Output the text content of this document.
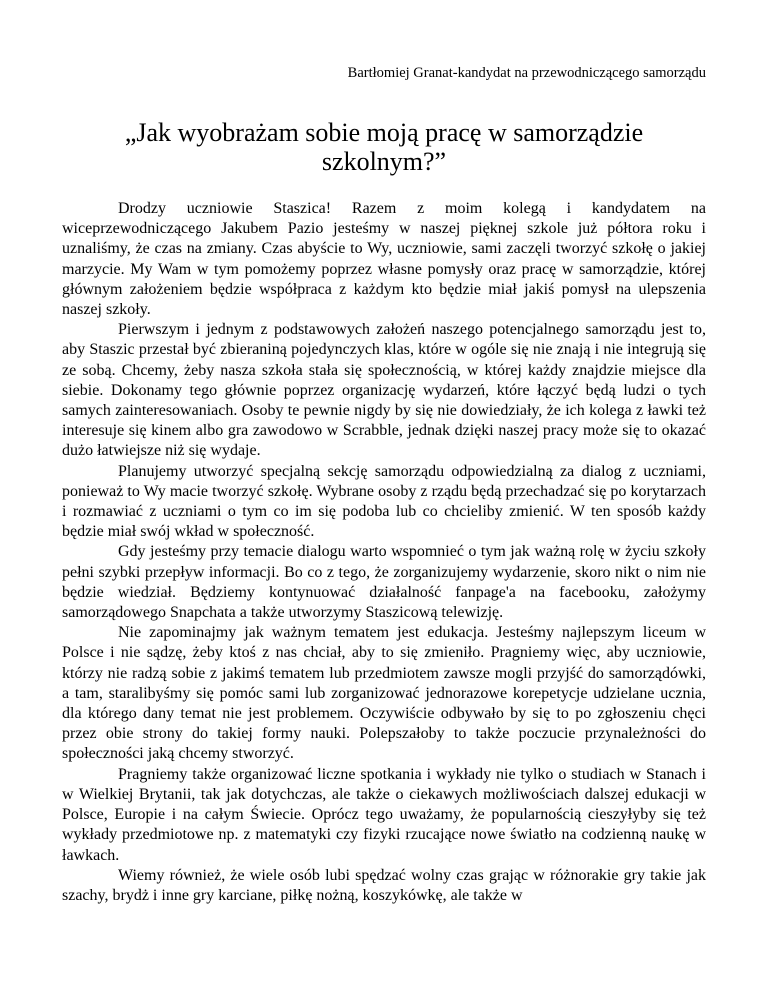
Bartłomiej Granat-kandydat na przewodniczącego samorządu
„Jak wyobrażam sobie moją pracę w samorządzie szkolnym?”

Drodzy uczniowie Staszica! Razem z moim kolegą i kandydatem na wiceprzewodniczącego Jakubem Pazio jesteśmy w naszej pięknej szkole już półtora roku i uznaliśmy, że czas na zmiany. Czas abyście to Wy, uczniowie, sami zaczęli tworzyć szkołę o jakiej marzycie. My Wam w tym pomożemy poprzez własne pomysły oraz pracę w samorządzie, której głównym założeniem będzie współpraca z każdym kto będzie miał jakiś pomysł na ulepszenia naszej szkoły.

Pierwszym i jednym z podstawowych założeń naszego potencjalnego samorządu jest to, aby Staszic przestał być zbieraniną pojedynczych klas, które w ogóle się nie znają i nie integrują się ze sobą. Chcemy, żeby nasza szkoła stała się społecznością, w której każdy znajdzie miejsce dla siebie. Dokonamy tego głównie poprzez organizację wydarzeń, które łączyć będą ludzi o tych samych zainteresowaniach. Osoby te pewnie nigdy by się nie dowiedziały, że ich kolega z ławki też interesuje się kinem albo gra zawodowo w Scrabble, jednak dzięki naszej pracy może się to okazać dużo łatwiejsze niż się wydaje.

Planujemy utworzyć specjalną sekcję samorządu odpowiedzialną za dialog z uczniami, ponieważ to Wy macie tworzyć szkołę. Wybrane osoby z rządu będą przechadzać się po korytarzach i rozmawiać z uczniami o tym co im się podoba lub co chcieliby zmienić. W ten sposób każdy będzie miał swój wkład w społeczność.

Gdy jesteśmy przy temacie dialogu warto wspomnieć o tym jak ważną rolę w życiu szkoły pełni szybki przepływ informacji. Bo co z tego, że zorganizujemy wydarzenie, skoro nikt o nim nie będzie wiedział. Będziemy kontynuować działalność fanpage'a na facebooku, założymy samorządowego Snapchata a także utworzymy Staszicową telewizję.

Nie zapominajmy jak ważnym tematem jest edukacja. Jesteśmy najlepszym liceum w Polsce i nie sądzę, żeby ktoś z nas chciał, aby to się zmieniło. Pragniemy więc, aby uczniowie, którzy nie radzą sobie z jakimś tematem lub przedmiotem zawsze mogli przyjść do samorządówki, a tam, staralibyśmy się pomóc sami lub zorganizować jednorazowe korepetycje udzielane ucznia, dla którego dany temat nie jest problemem. Oczywiście odbywało by się to po zgłoszeniu chęci przez obie strony do takiej formy nauki. Polepszałoby to także poczucie przynależności do społeczności jaką chcemy stworzyć.

Pragniemy także organizować liczne spotkania i wykłady nie tylko o studiach w Stanach i w Wielkiej Brytanii, tak jak dotychczas, ale także o ciekawych możliwościach dalszej edukacji w Polsce, Europie i na całym Świecie. Oprócz tego uważamy, że popularnością cieszyłyby się też wykłady przedmiotowe np. z matematyki czy fizyki rzucające nowe światło na codzienną naukę w ławkach.

Wiemy również, że wiele osób lubi spędzać wolny czas grając w różnorakie gry takie jak szachy, brydż i inne gry karciane, piłkę nożną, koszykówkę, ale także w
